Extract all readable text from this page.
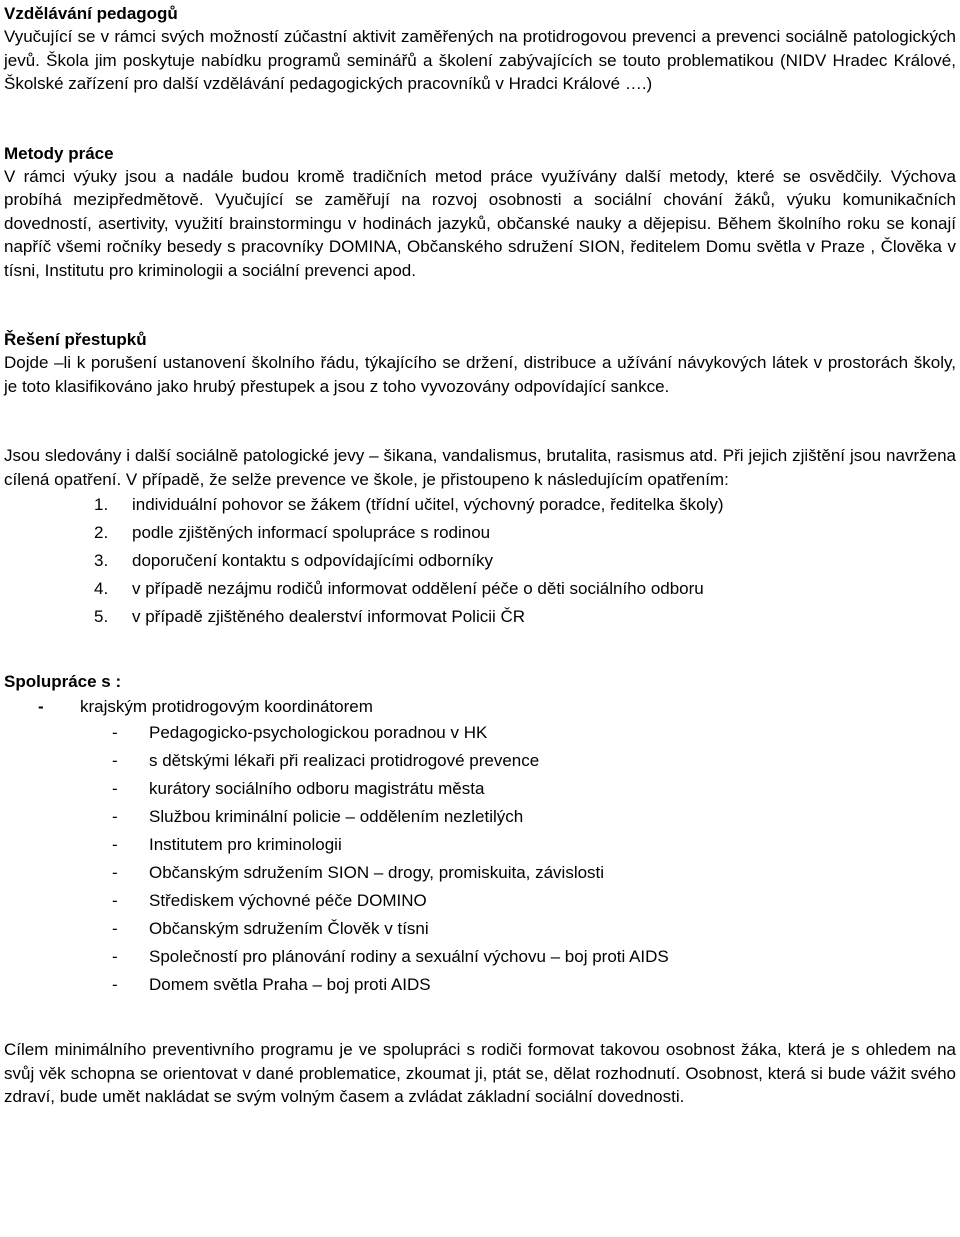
Vzdělávání pedagogů

Vyučující se v rámci svých možností zúčastní aktivit zaměřených na protidrogovou prevenci a prevenci sociálně patologických jevů. Škola jim poskytuje nabídku programů seminářů a školení zabývajících se touto problematikou (NIDV Hradec Králové, Školské zařízení pro další vzdělávání pedagogických pracovníků v Hradci Králové ….)

Metody práce

V rámci výuky jsou a nadále budou kromě tradičních metod práce využívány další metody, které se osvědčily. Výchova probíhá mezipředmětově. Vyučující se zaměřují na rozvoj osobnosti a sociální chování žáků, výuku komunikačních dovedností, asertivity, využití brainstormingu v hodinách jazyků, občanské nauky a dějepisu. Během školního roku se konají napříč všemi ročníky besedy s pracovníky DOMINA, Občanského sdružení SION, ředitelem Domu světla v Praze , Člověka v tísni, Institutu pro kriminologii a sociální prevenci apod.

Řešení přestupků

Dojde –li k porušení ustanovení školního řádu, týkajícího se držení, distribuce a užívání návykových látek v prostorách školy, je toto klasifikováno jako hrubý přestupek a jsou z toho vyvozovány odpovídající sankce.

Jsou sledovány i další sociálně patologické jevy – šikana, vandalismus, brutalita, rasismus atd. Při jejich zjištění jsou navržena cílená opatření. V případě, že selže prevence ve škole, je přistoupeno k následujícím opatřením:

1. individuální pohovor se žákem (třídní učitel, výchovný poradce, ředitelka školy)
2. podle zjištěných informací spolupráce s rodinou
3. doporučení kontaktu s odpovídajícími odborníky
4. v případě nezájmu rodičů informovat oddělení péče o děti sociálního odboru
5. v případě zjištěného dealerství informovat Policii ČR
Spolupráce s :
- krajským protidrogovým koordinátorem
- Pedagogicko-psychologickou poradnou v HK
- s dětskými lékaři při realizaci protidrogové prevence
- kurátory sociálního odboru magistrátu města
- Službou kriminální policie – oddělením nezletilých
- Institutem pro kriminologii
- Občanským sdružením SION – drogy, promiskuita, závislosti
- Střediskem výchovné péče DOMINO
- Občanským sdružením Člověk v tísni
- Společností pro plánování rodiny a sexuální výchovu – boj proti AIDS
- Domem světla Praha – boj proti AIDS

Cílem minimálního preventivního programu je ve spolupráci s rodiči formovat takovou osobnost žáka, která je s ohledem na svůj věk schopna se orientovat v dané problematice, zkoumat ji, ptát se, dělat rozhodnutí. Osobnost, která si bude vážit svého zdraví, bude umět nakládat se svým volným časem a zvládat základní sociální dovednosti.
